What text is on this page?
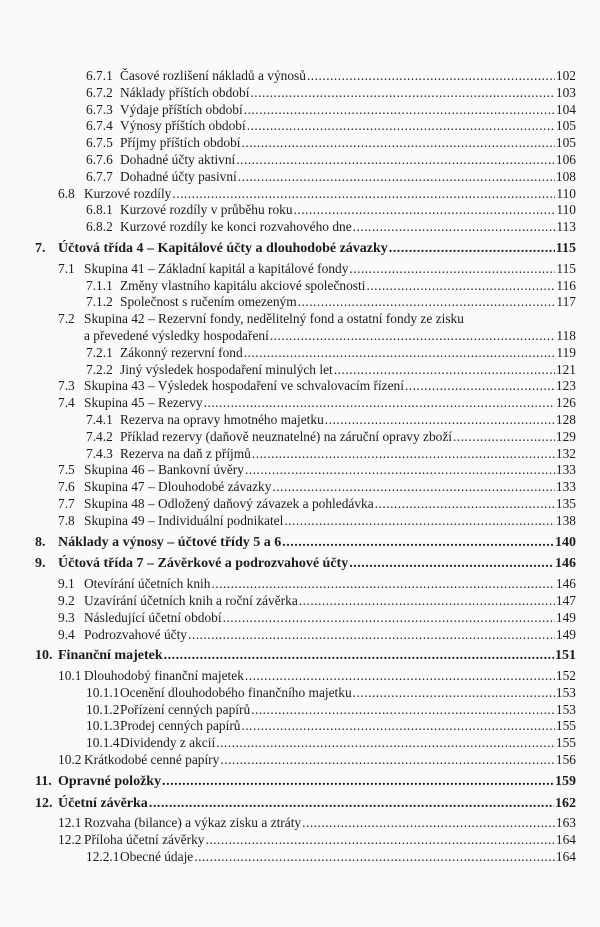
6.7.1 Časové rozlišení nákladů a výnosů .....	102
6.7.2 Náklady příštích období .....	103
6.7.3 Výdaje příštích období .....	104
6.7.4 Výnosy příštích období .....	105
6.7.5 Příjmy příštích období .....	105
6.7.6 Dohadné účty aktivní .....	106
6.7.7 Dohadné účty pasivní .....	108
6.8 Kurzové rozdíly .....	110
6.8.1 Kurzové rozdíly v průběhu roku .....	110
6.8.2 Kurzové rozdíly ke konci rozvahového dne .....	113
7. Účtová třída 4 – Kapitálové účty a dlouhodobé závazky .....	115
7.1 Skupina 41 – Základní kapitál a kapitálové fondy .....	115
7.1.1 Změny vlastního kapitálu akciové společnosti .....	116
7.1.2 Společnost s ručením omezeným .....	117
7.2 Skupina 42 – Rezervní fondy, nedělitelný fond a ostatní fondy ze zisku
a převedené výsledky hospodaření .....	118
7.2.1 Zákonný rezervní fond .....	119
7.2.2 Jiný výsledek hospodaření minulých let .....	121
7.3 Skupina 43 – Výsledek hospodaření ve schvalovacím řízení .....	123
7.4 Skupina 45 – Rezervy .....	126
7.4.1 Rezerva na opravy hmotného majetku .....	128
7.4.2 Příklad rezervy (daňově neuznatelné) na záruční opravy zboží .....	129
7.4.3 Rezerva na daň z příjmů .....	132
7.5 Skupina 46 – Bankovní úvěry .....	133
7.6 Skupina 47 – Dlouhodobé závazky .....	133
7.7 Skupina 48 – Odložený daňový závazek a pohledávka .....	135
7.8 Skupina 49 – Individuální podnikatel .....	138
8. Náklady a výnosy – účtové třídy 5 a 6 .....	140
9. Účtová třída 7 – Závěrkové a podrozvahové účty .....	146
9.1 Otevírání účetních knih .....	146
9.2 Uzavírání účetních knih a roční závěrka .....	147
9.3 Následující účetní období .....	149
9.4 Podrozvahové účty .....	149
10. Finanční majetek .....	151
10.1 Dlouhodobý finanční majetek .....	152
10.1.1 Ocenění dlouhodobého finančního majetku .....	153
10.1.2 Pořízení cenných papírů .....	153
10.1.3 Prodej cenných papírů .....	155
10.1.4 Dividendy z akcií .....	155
10.2 Krátkodobé cenné papíry .....	156
11. Opravné položky .....	159
12. Účetní závěrka .....	162
12.1 Rozvaha (bilance) a výkaz zisku a ztráty .....	163
12.2 Příloha účetní závěrky .....	164
12.2.1 Obecné údaje .....	164
